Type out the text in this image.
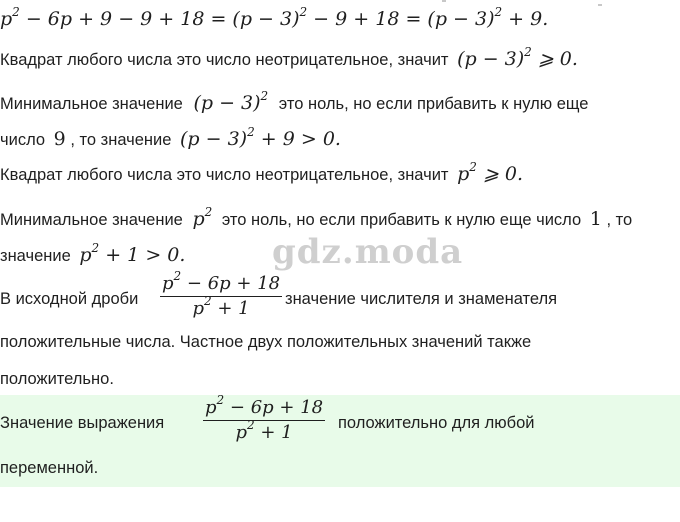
$p^2 - 6p + 9 - 9 + 18 = (p - 3)^2 - 9 + 18 = (p - 3)^2 + 9$.
Квадрат любого числа это число неотрицательное, значит $(p - 3)^2$ ⩾ 0.
Минимальное значение $(p - 3)^2$ это ноль, но если прибавить к нулю еще
число 9 , то значение $(p - 3)^2 + 9 > 0$.
Квадрат любого числа это число неотрицательное, значит $p^2$ ⩾ 0.
Минимальное значение $p^2$ это ноль, но если прибавить к нулю еще число 1 , то
значение $p^2 + 1 > 0$.	gdz.moda
В исходной дроби
$p^2 - 6p + 18$
$p^2 + 1$ значение числителя и знаменателя
положительные числа. Частное двух положительных значений также
положительно.
Значение выражения
$p^2 - 6p + 18$
$p^2 + 1$	положительно для любой
переменной.
